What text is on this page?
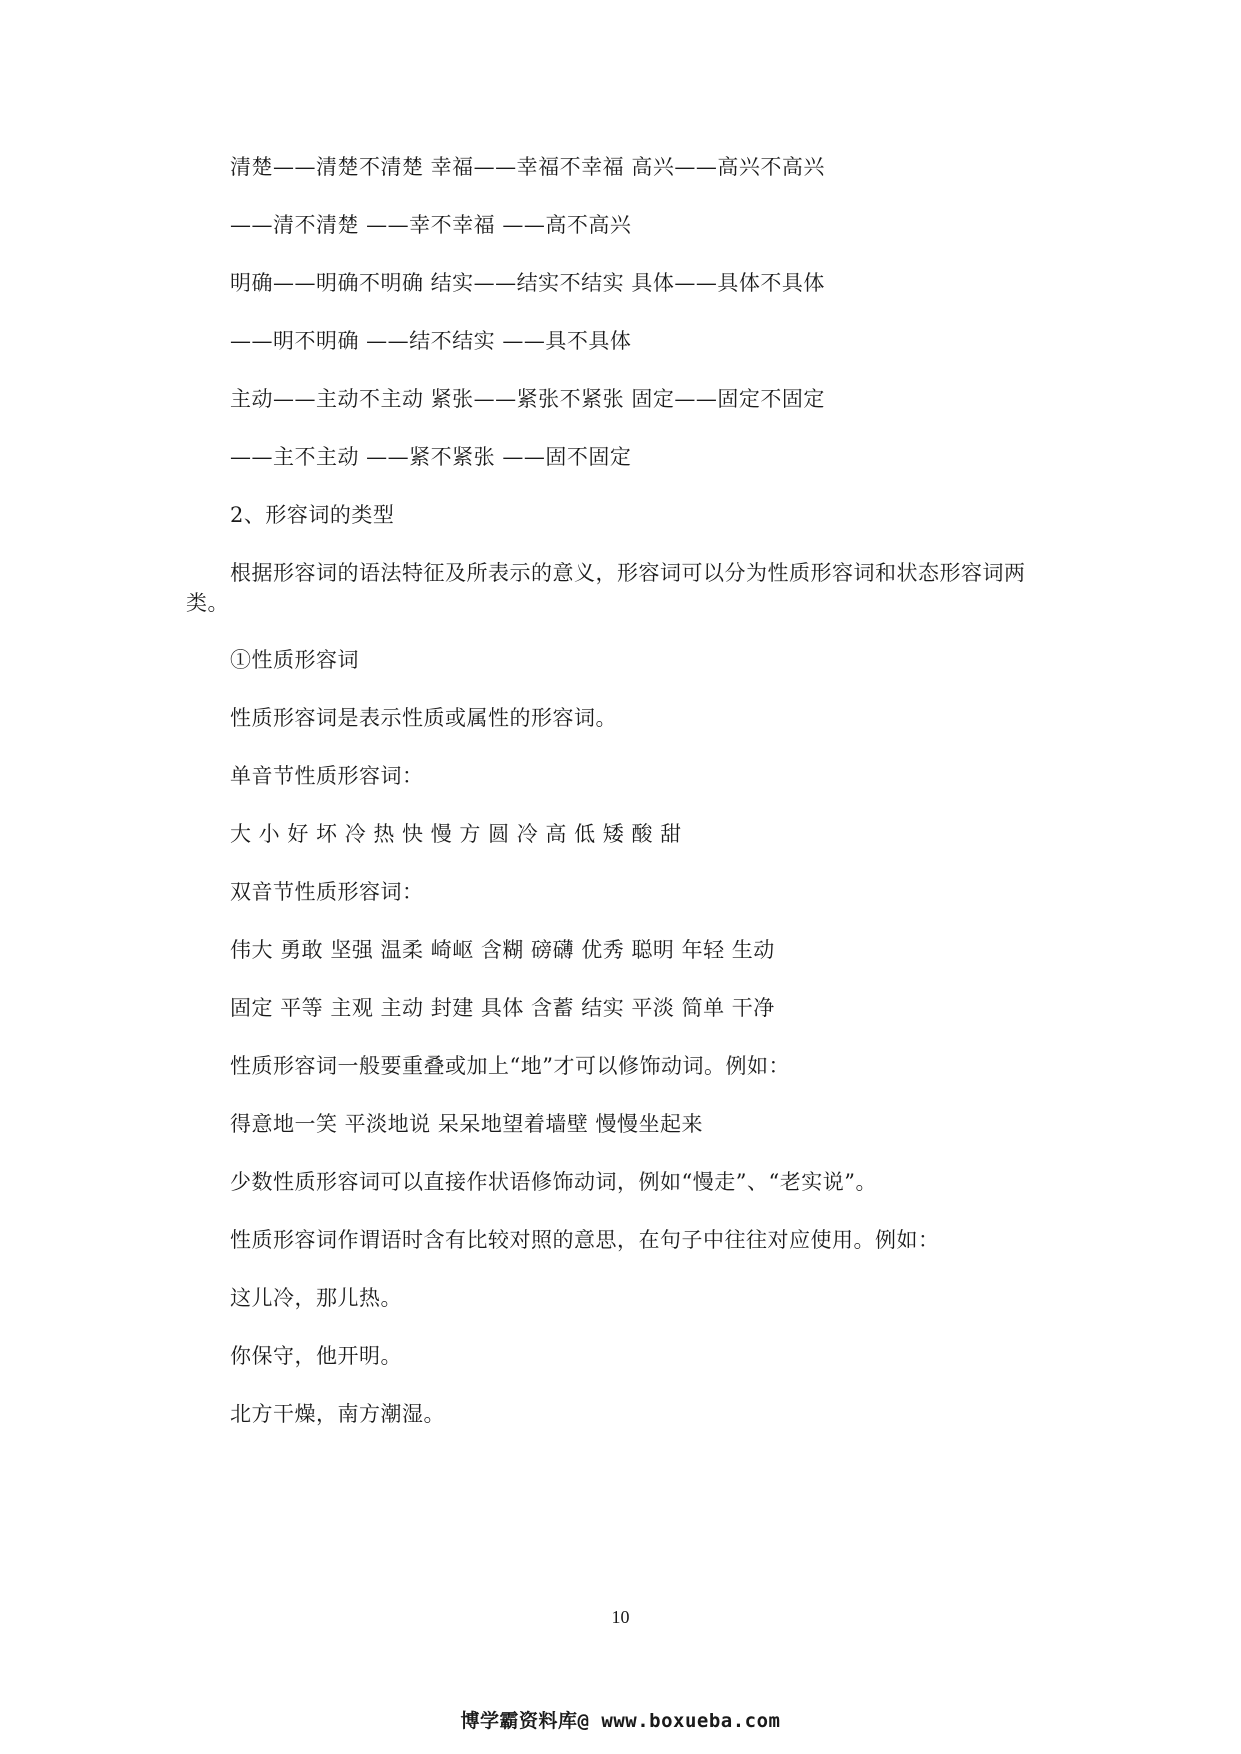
清楚——清楚不清楚 幸福——幸福不幸福 高兴——高兴不高兴
——清不清楚 ——幸不幸福 ——高不高兴
明确——明确不明确 结实——结实不结实 具体——具体不具体
——明不明确 ——结不结实 ——具不具体
主动——主动不主动 紧张——紧张不紧张 固定——固定不固定
——主不主动 ——紧不紧张 ——固不固定
2、形容词的类型
根据形容词的语法特征及所表示的意义，形容词可以分为性质形容词和状态形容词两类。
①性质形容词
性质形容词是表示性质或属性的形容词。
单音节性质形容词：
大 小 好 坏 冷 热 快 慢 方 圆 冷 高 低 矮 酸 甜
双音节性质形容词：
伟大 勇敢 坚强 温柔 崎岖 含糊 磅礴 优秀 聪明 年轻 生动
固定 平等 主观 主动 封建 具体 含蓄 结实 平淡 简单 干净
性质形容词一般要重叠或加上“地”才可以修饰动词。例如：
得意地一笑 平淡地说 呆呆地望着墙壁 慢慢坐起来
少数性质形容词可以直接作状语修饰动词，例如“慢走”、“老实说”。
性质形容词作谓语时含有比较对照的意思，在句子中往往对应使用。例如：
这儿冷，那儿热。
你保守，他开明。
北方干燥，南方潮湿。
10
博学霸资料库@ www.boxueba.com
